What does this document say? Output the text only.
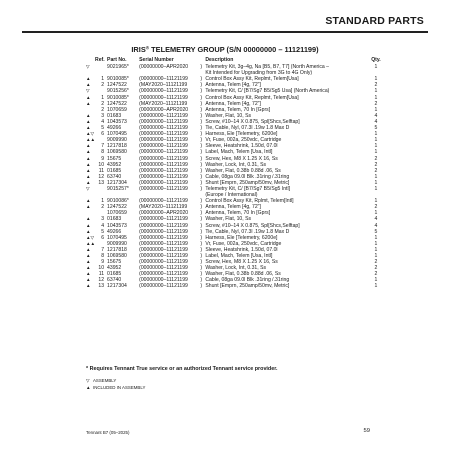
STANDARD PARTS
IRIS® TELEMETRY GROUP (S/N 00000000 – 11121199)
	Ref.	Part No.	Serial Number		Description	Qty.
▽		9021965*	(00000000–APR2020	)	Telemetry Kit, 3g–4g, Na [B5, B7, T7] (North America –	1
					Kit Intended for Upgrading from 3G to 4G Only)	
▲	1	9010085*	(00000000–11121199	)	Control Box Assy Kit, Replmt, Telem[Usa]	1
▲	2	1247522	(MAY2020–11121199	)	Antenna, Telem [4g, 72"]	2
▽		9015256*	(00000000–11121199	)	Telemetry Kit, C/ [B7/Sg7 B5/Sg5 Usa] (North America)	1
▲	1	9010085*	(00000000–11121199	)	Control Box Assy Kit, Replmt, Telem[Usa]	1
▲	2	1247522	(MAY2020–11121199	)	Antenna, Telem [4g, 72"]	2
	2	1070659	(00000000–APR2020	)	Antenna, Telem, 70 In [Gprs]	1
▲	3	01683	(00000000–11121199	)	Washer, Flat, 10, Ss	4
▲	4	1043573	(00000000–11121199	)	Screw, #10–14 X 0.875, Spl[Shcs,Selftap]	4
▲	5	49266	(00000000–11121199	)	Tie, Cable, Nyl, 07.3l .19w 1.8 Max D	5
▲▽	6	1070495	(00000000–11121199	)	Harness, Ele [Telemetry, 6200e]	1
▲▲		9009990	(00000000–11121199	)	Vr, Fuse, 002a, 250vdc, Cartridge	1
▲	7	1217818	(00000000–11121199	)	Sleeve, Heatshrink, 1.50d, 07.0l	1
▲	8	1069580	(00000000–11121199	)	Label, Mach, Telem [Usa, Intl]	1
▲	9	15675	(00000000–11121199	)	Screw, Hex, M8 X 1.25 X 16, Ss	2
▲	10	43952	(00000000–11121199	)	Washer, Lock, Int, 0.31, Ss	2
▲	11	01685	(00000000–11121199	)	Washer, Flat, 0.38b 0.88d .06, Ss	2
▲	12	63740	(00000000–11121199	)	Cable, 08ga 09.0l Blk .31ring /.31ring	1
▲	13	1217304	(00000000–11121199	)	Shunt [Emprn, 250amp/50mv, Metric]	1
▽		9015257*	(00000000–11121199	)	Telemetry Kit, C/ [B7/Sg7 B5/Sg5 Intl]	1
					(Europe / International)	
▲	1	9010086*	(00000000–11121199	)	Control Box Assy Kit, Rplmt, Telem[Intl]	1
▲	2	1247522	(MAY2020–11121199	)	Antenna, Telem [4g, 72"]	2
		1070659	(00000000–APR2020	)	Antenna, Telem, 70 In [Gprs]	1
▲	3	01683	(00000000–11121199	)	Washer, Flat, 10, Ss	4
▲	4	1043573	(00000000–11121199	)	Screw, #10–14 X 0.875, Spl[Shcs,Selftap]	4
▲	5	49266	(00000000–11121199	)	Tie, Cable, Nyl, 07.3l .19w 1.8 Max D	5
▲▽	6	1070495	(00000000–11121199	)	Harness, Ele [Telemetry, 6200e]	1
▲▲		9009990	(00000000–11121199	)	Vr, Fuse, 002a, 250vdc, Cartridge	1
▲	7	1217818	(00000000–11121199	)	Sleeve, Heatshrink, 1.50d, 07.0l	1
▲	8	1069580	(00000000–11121199	)	Label, Mach, Telem [Usa, Intl]	1
▲	9	15675	(00000000–11121199	)	Screw, Hex, M8 X 1.25 X 16, Ss	2
▲	10	43952	(00000000–11121199	)	Washer, Lock, Int, 0.31, Ss	2
▲	11	01685	(00000000–11121199	)	Washer, Flat, 0.38b 0.88d .06, Ss	2
▲	12	63740	(00000000–11121199	)	Cable, 08ga 09.0l Blk .31ring /.31ring	1
▲	13	1217304	(00000000–11121199	)	Shunt [Emprn, 250amp/50mv, Metric]	1
* Requires Tennant True service or an authorized Tennant service provider.
▽ ASSEMBLY
▲ INCLUDED IN ASSEMBLY
Tennant B7 (05–2025)	59
